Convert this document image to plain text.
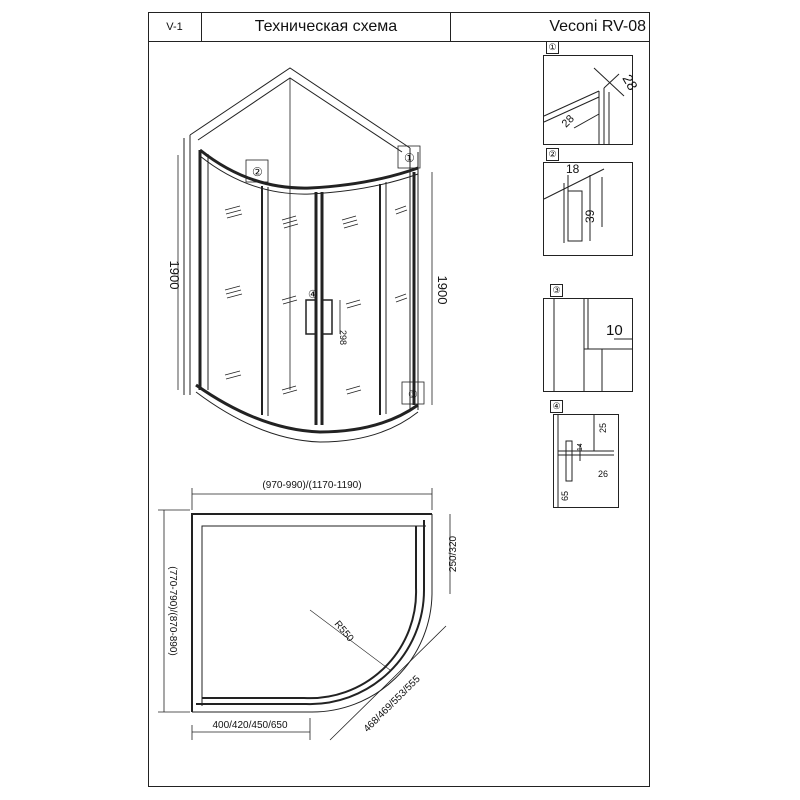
V-1	Техническая схема	Veconi RV-08
1900
1900
②
①
④
③
298
①
28
28
②
18
39
③
10
④
25
26
65
14
(970-990)/(1170-1190)
(770-790)/(870-890)
250/320
R550
468/469/553/555
400/420/450/650
